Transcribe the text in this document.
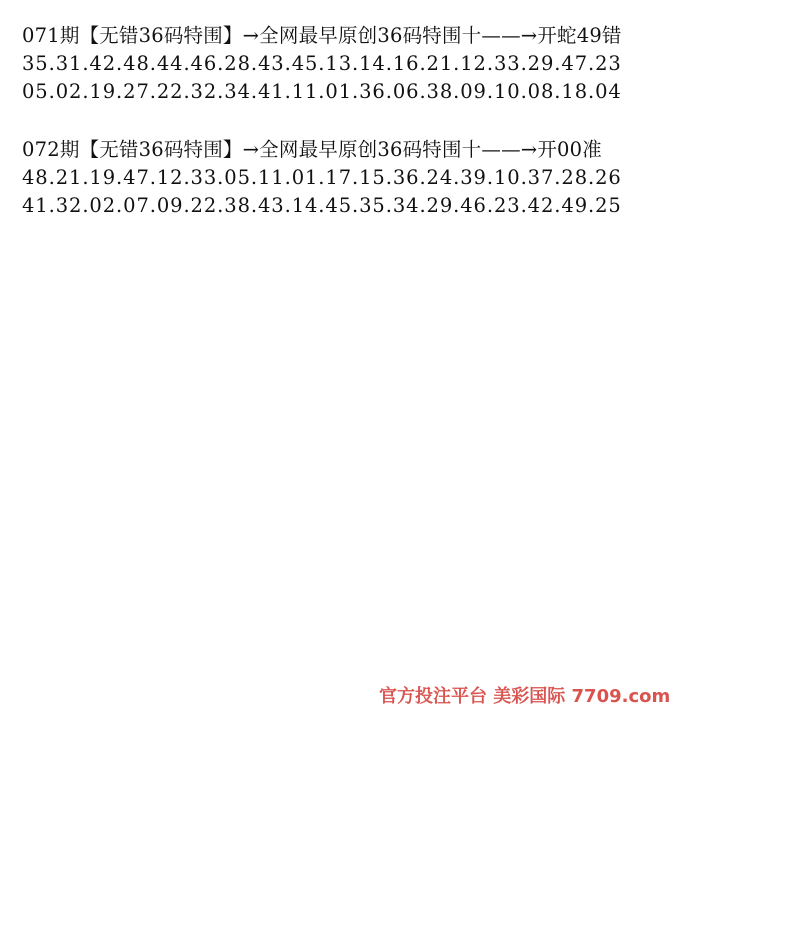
071期【无错36码特围】→全网最早原创36码特围十——→开蛇49错
35.31.42.48.44.46.28.43.45.13.14.16.21.12.33.29.47.23
05.02.19.27.22.32.34.41.11.01.36.06.38.09.10.08.18.04
072期【无错36码特围】→全网最早原创36码特围十——→开00准
48.21.19.47.12.33.05.11.01.17.15.36.24.39.10.37.28.26
41.32.02.07.09.22.38.43.14.45.35.34.29.46.23.42.49.25
官方投注平台 美彩国际 7709.com
